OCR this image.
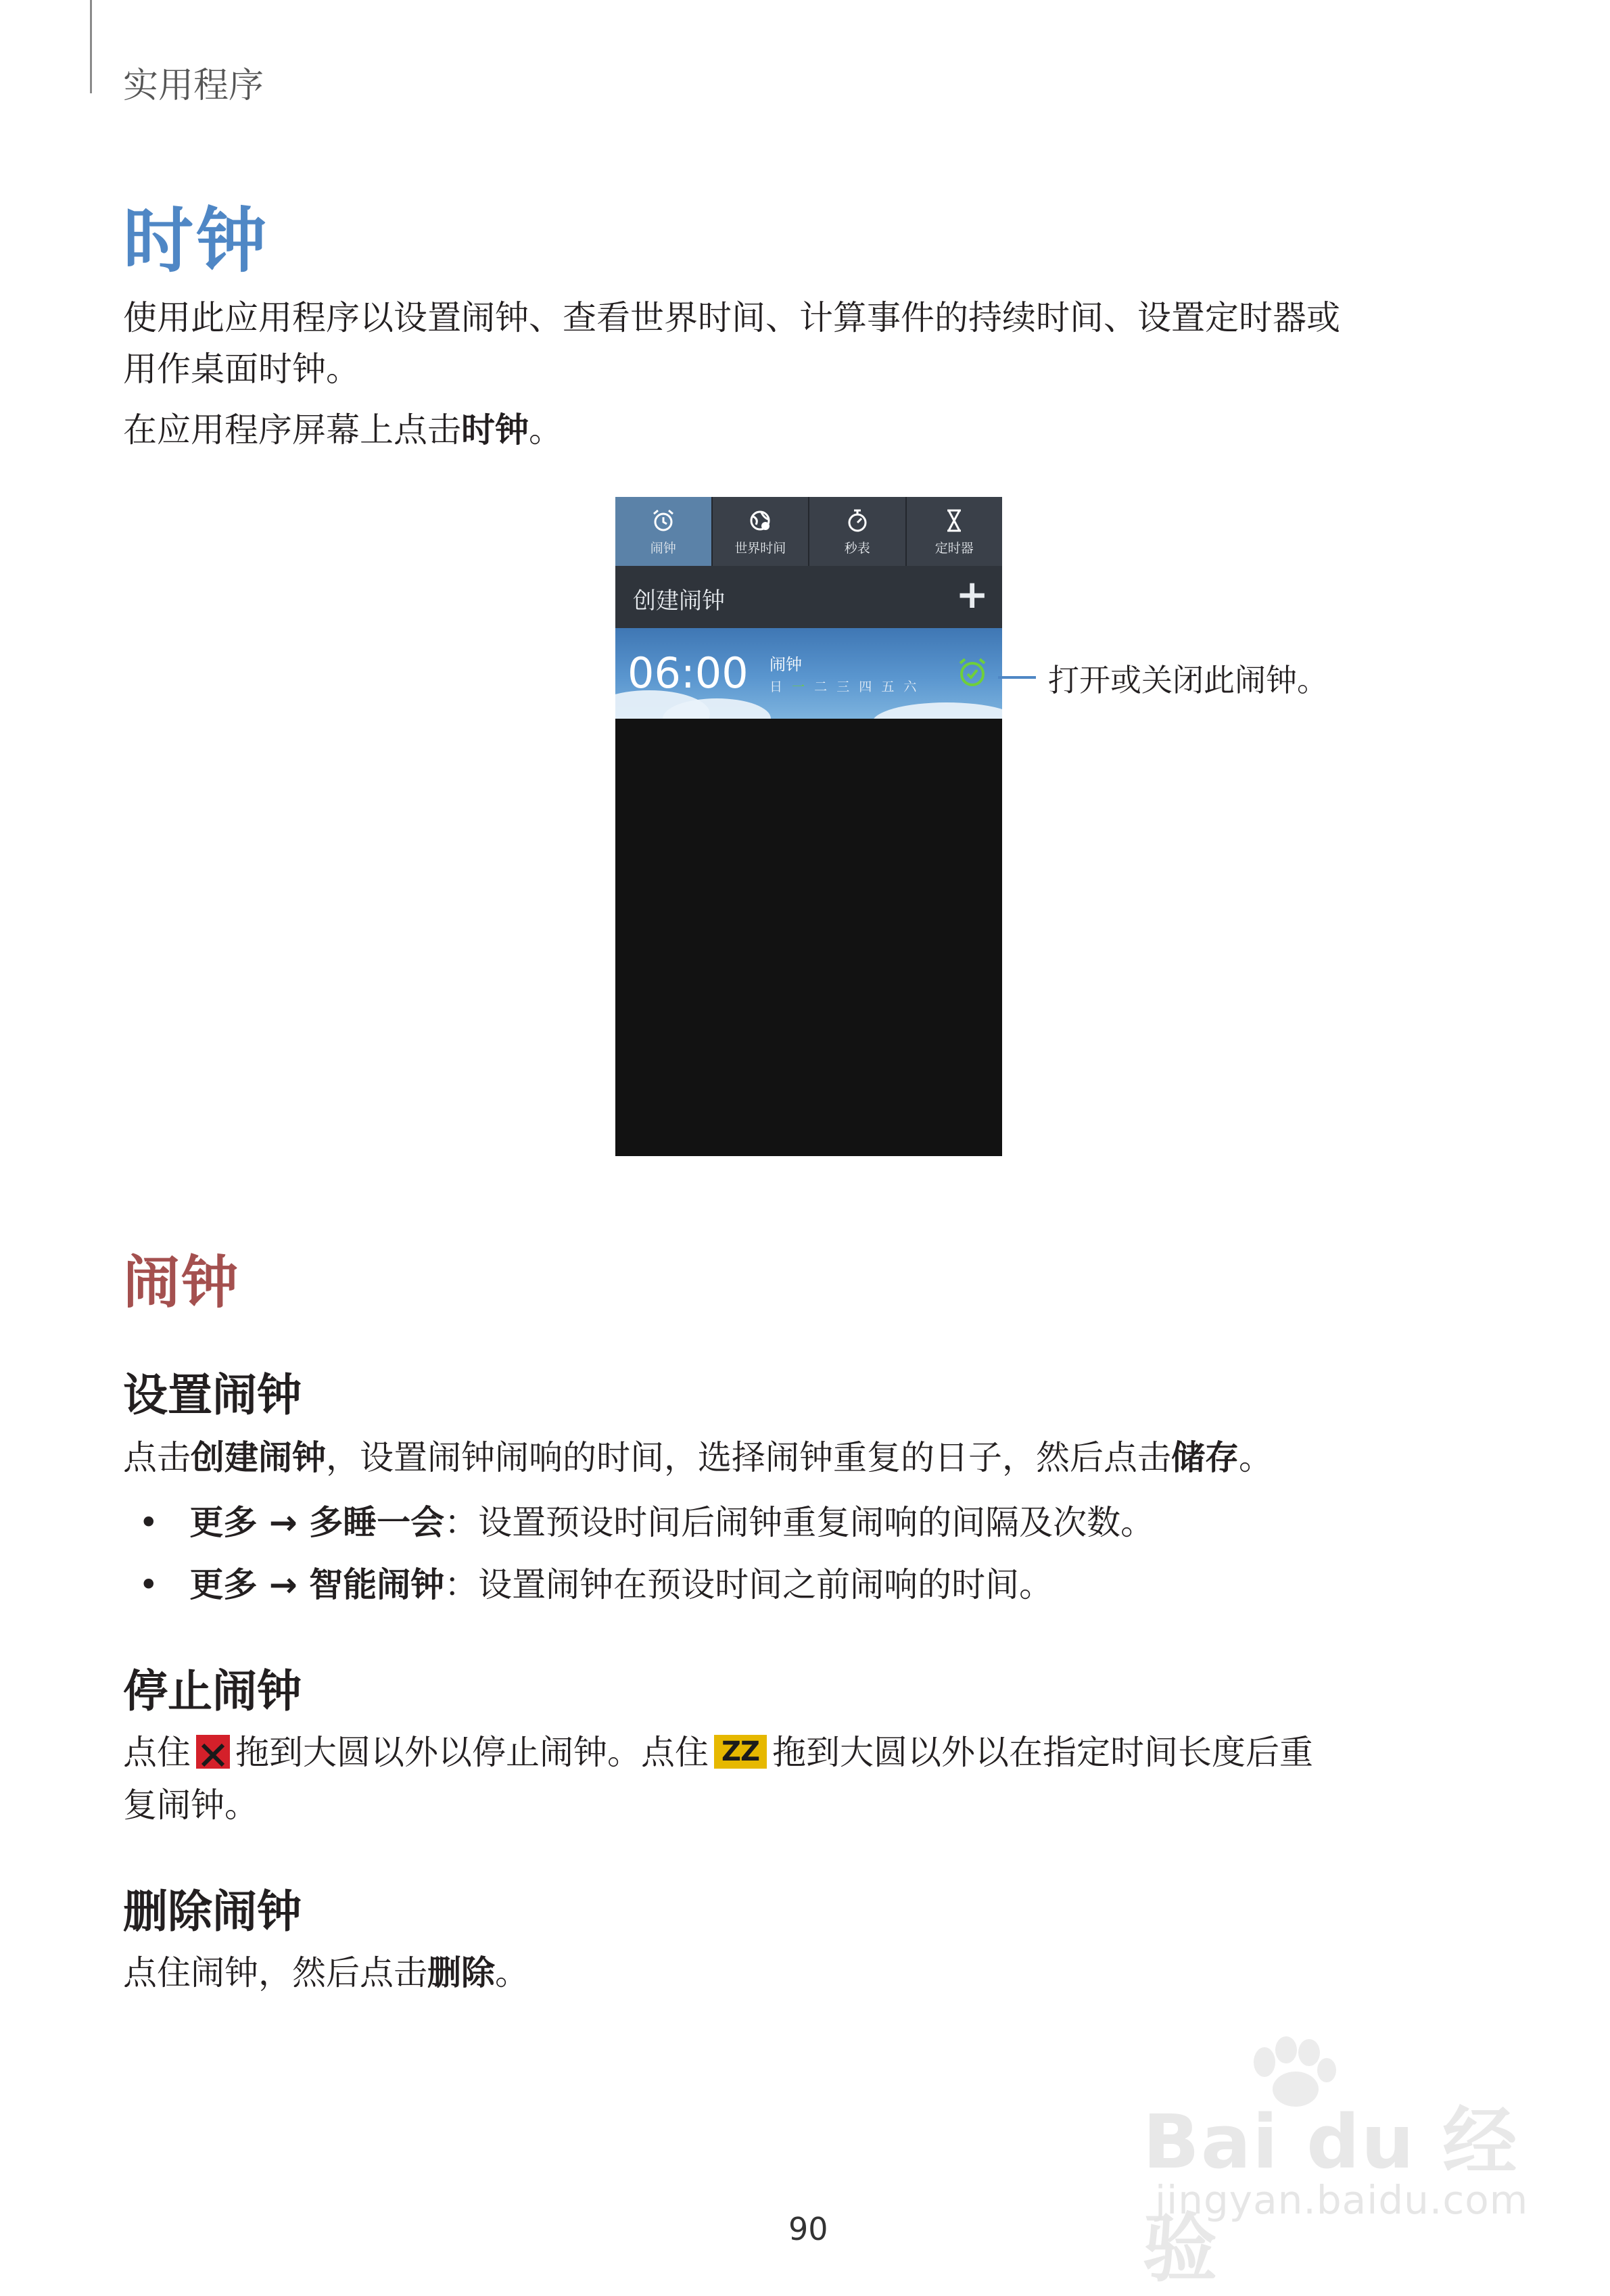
实用程序
时钟
使用此应用程序以设置闹钟、查看世界时间、计算事件的持续时间、设置定时器或
用作桌面时钟。
在应用程序屏幕上点击时钟。
闹钟	世界时间	秒表	定时器
创建闹钟	+
06:00 闹钟
日 一 二 三 四 五 六	打开或关闭此闹钟。
闹钟
设置闹钟
点击创建闹钟，设置闹钟闹响的时间，选择闹钟重复的日子，然后点击储存。
• 更多 → 多睡一会：设置预设时间后闹钟重复闹响的间隔及次数。
• 更多 → 智能闹钟：设置闹钟在预设时间之前闹响的时间。
停止闹钟
点住 拖到大圆以外以停止闹钟。点住 ZZ 拖到大圆以外以在指定时间长度后重
复闹钟。
删除闹钟
点住闹钟，然后点击删除。
Bai du 经验
jingyan.baidu.com
90
